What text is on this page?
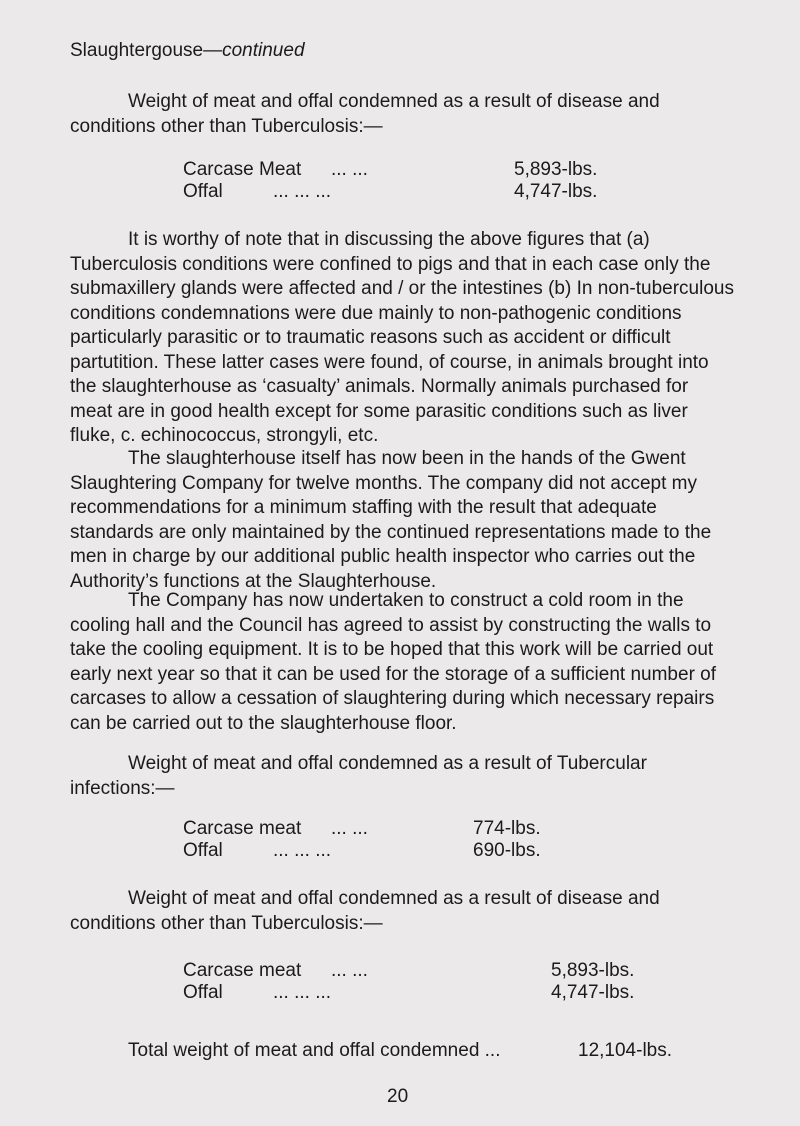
Slaughtergouse—continued

Weight of meat and offal condemned as a result of disease and conditions other than Tuberculosis:—

Carcase Meat ... ...	5,893-lbs.
Offal	... ... ...	4,747-lbs.

It is worthy of note that in discussing the above figures that (a) Tuberculosis conditions were confined to pigs and that in each case only the submaxillery glands were affected and / or the intestines (b) In non-tuberculous conditions condemnations were due mainly to non-pathogenic conditions particularly parasitic or to traumatic reasons such as accident or difficult partutition. These latter cases were found, of course, in animals brought into the slaughterhouse as ‘casualty’ animals. Normally animals purchased for meat are in good health except for some parasitic conditions such as liver fluke, c. echinococcus, strongyli, etc.

The slaughterhouse itself has now been in the hands of the Gwent Slaughtering Company for twelve months. The company did not accept my recommendations for a minimum staffing with the result that adequate standards are only maintained by the continued representations made to the men in charge by our additional public health inspector who carries out the Authority’s functions at the Slaughterhouse.

The Company has now undertaken to construct a cold room in the cooling hall and the Council has agreed to assist by constructing the walls to take the cooling equipment. It is to be hoped that this work will be carried out early next year so that it can be used for the storage of a sufficient number of carcases to allow a cessation of slaughtering during which necessary repairs can be carried out to the slaughterhouse floor.

Weight of meat and offal condemned as a result of Tubercular infections:—

Carcase meat ... ...	774-lbs.
Offal	... ... ...	690-lbs.

Weight of meat and offal condemned as a result of disease and conditions other than Tuberculosis:—

Carcase meat ... ...	5,893-lbs.
Offal	... ... ...	4,747-lbs.
Total weight of meat and offal condemned ...	12,104-lbs.
20
